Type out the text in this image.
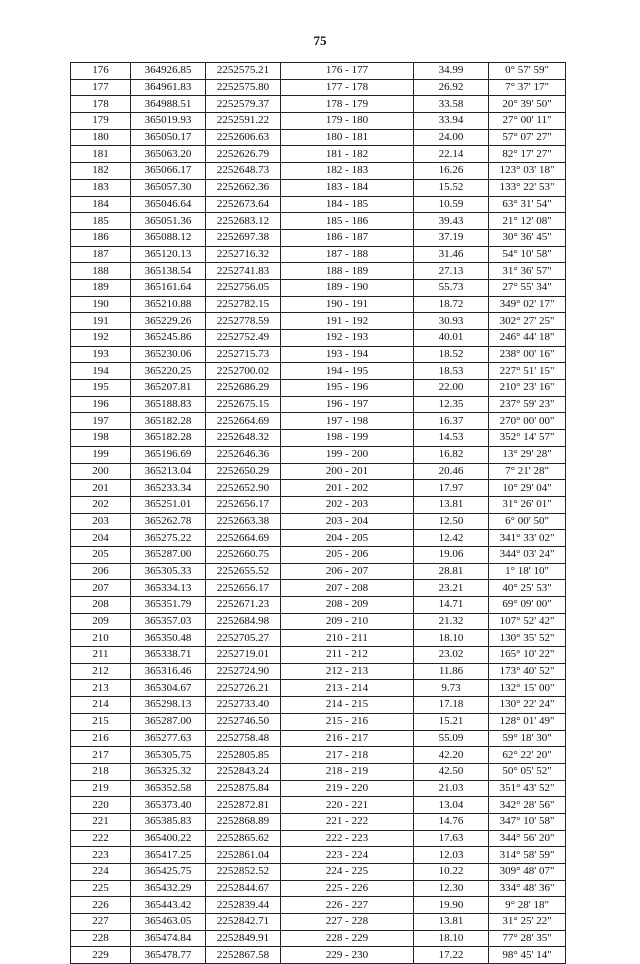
75
176	364926.85	2252575.21	176 - 177	34.99	0° 57' 59"
177	364961.83	2252575.80	177 - 178	26.92	7° 37' 17"
178	364988.51	2252579.37	178 - 179	33.58	20° 39' 50"
179	365019.93	2252591.22	179 - 180	33.94	27° 00' 11"
180	365050.17	2252606.63	180 - 181	24.00	57° 07' 27"
181	365063.20	2252626.79	181 - 182	22.14	82° 17' 27"
182	365066.17	2252648.73	182 - 183	16.26	123° 03' 18"
183	365057.30	2252662.36	183 - 184	15.52	133° 22' 53"
184	365046.64	2252673.64	184 - 185	10.59	63° 31' 54"
185	365051.36	2252683.12	185 - 186	39.43	21° 12' 08"
186	365088.12	2252697.38	186 - 187	37.19	30° 36' 45"
187	365120.13	2252716.32	187 - 188	31.46	54° 10' 58"
188	365138.54	2252741.83	188 - 189	27.13	31° 36' 57"
189	365161.64	2252756.05	189 - 190	55.73	27° 55' 34"
190	365210.88	2252782.15	190 - 191	18.72	349° 02' 17"
191	365229.26	2252778.59	191 - 192	30.93	302° 27' 25"
192	365245.86	2252752.49	192 - 193	40.01	246° 44' 18"
193	365230.06	2252715.73	193 - 194	18.52	238° 00' 16"
194	365220.25	2252700.02	194 - 195	18.53	227° 51' 15"
195	365207.81	2252686.29	195 - 196	22.00	210° 23' 16"
196	365188.83	2252675.15	196 - 197	12.35	237° 59' 23"
197	365182.28	2252664.69	197 - 198	16.37	270° 00' 00"
198	365182.28	2252648.32	198 - 199	14.53	352° 14' 57"
199	365196.69	2252646.36	199 - 200	16.82	13° 29' 28"
200	365213.04	2252650.29	200 - 201	20.46	7° 21' 28"
201	365233.34	2252652.90	201 - 202	17.97	10° 29' 04"
202	365251.01	2252656.17	202 - 203	13.81	31° 26' 01"
203	365262.78	2252663.38	203 - 204	12.50	6° 00' 50"
204	365275.22	2252664.69	204 - 205	12.42	341° 33' 02"
205	365287.00	2252660.75	205 - 206	19.06	344° 03' 24"
206	365305.33	2252655.52	206 - 207	28.81	1° 18' 10"
207	365334.13	2252656.17	207 - 208	23.21	40° 25' 53"
208	365351.79	2252671.23	208 - 209	14.71	69° 09' 00"
209	365357.03	2252684.98	209 - 210	21.32	107° 52' 42"
210	365350.48	2252705.27	210 - 211	18.10	130° 35' 52"
211	365338.71	2252719.01	211 - 212	23.02	165° 10' 22"
212	365316.46	2252724.90	212 - 213	11.86	173° 40' 52"
213	365304.67	2252726.21	213 - 214	9.73	132° 15' 00"
214	365298.13	2252733.40	214 - 215	17.18	130° 22' 24"
215	365287.00	2252746.50	215 - 216	15.21	128° 01' 49"
216	365277.63	2252758.48	216 - 217	55.09	59° 18' 30"
217	365305.75	2252805.85	217 - 218	42.20	62° 22' 20"
218	365325.32	2252843.24	218 - 219	42.50	50° 05' 52"
219	365352.58	2252875.84	219 - 220	21.03	351° 43' 52"
220	365373.40	2252872.81	220 - 221	13.04	342° 28' 56"
221	365385.83	2252868.89	221 - 222	14.76	347° 10' 58"
222	365400.22	2252865.62	222 - 223	17.63	344° 56' 20"
223	365417.25	2252861.04	223 - 224	12.03	314° 58' 59"
224	365425.75	2252852.52	224 - 225	10.22	309° 48' 07"
225	365432.29	2252844.67	225 - 226	12.30	334° 48' 36"
226	365443.42	2252839.44	226 - 227	19.90	9° 28' 18"
227	365463.05	2252842.71	227 - 228	13.81	31° 25' 22"
228	365474.84	2252849.91	228 - 229	18.10	77° 28' 35"
229	365478.77	2252867.58	229 - 230	17.22	98° 45' 14"
